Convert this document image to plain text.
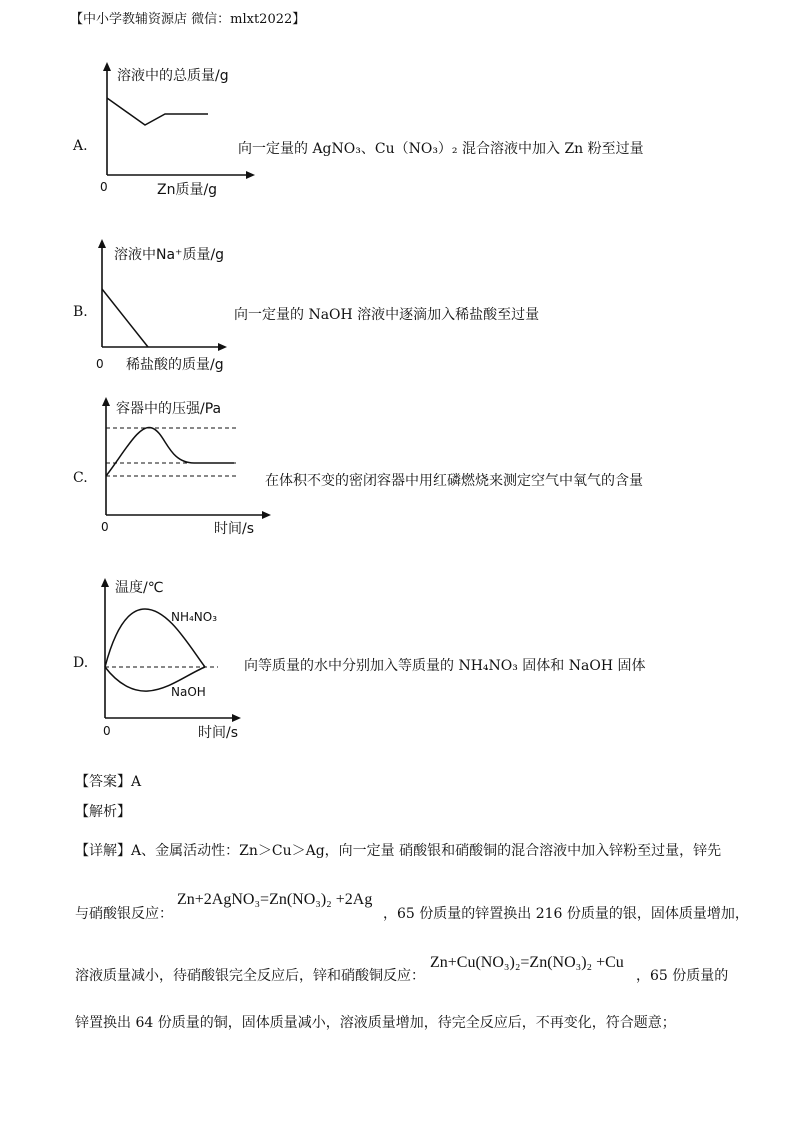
【中小学教辅资源店 微信：mlxt2022】
A.
溶液中的总质量/g
0	Zn质量/g
向一定量的 AgNO₃、Cu（NO₃）₂ 混合溶液中加入 Zn 粉至过量
B.
溶液中Na⁺质量/g
0 稀盐酸的质量/g
向一定量的 NaOH 溶液中逐滴加入稀盐酸至过量
C.
容器中的压强/Pa
0	时间/s
在体积不变的密闭容器中用红磷燃烧来测定空气中氧气的含量
D.
温度/℃
NH₄NO₃
NaOH
0	时间/s
向等质量的水中分别加入等质量的 NH₄NO₃ 固体和 NaOH 固体
【答案】A
【解析】
【详解】A、金属活动性：Zn＞Cu＞Ag，向一定量 硝酸银和硝酸铜的混合溶液中加入锌粉至过量，锌先
与硝酸银反应：
Zn+2AgNO₃=Zn(NO₃)₂ +2Ag
，65 份质量的锌置换出 216 份质量的银，固体质量增加，
溶液质量减小，待硝酸银完全反应后，锌和硝酸铜反应：
Zn+Cu(NO₃)₂=Zn(NO₃)₂ +Cu
，65 份质量的
锌置换出 64 份质量的铜，固体质量减小，溶液质量增加，待完全反应后，不再变化，符合题意；
